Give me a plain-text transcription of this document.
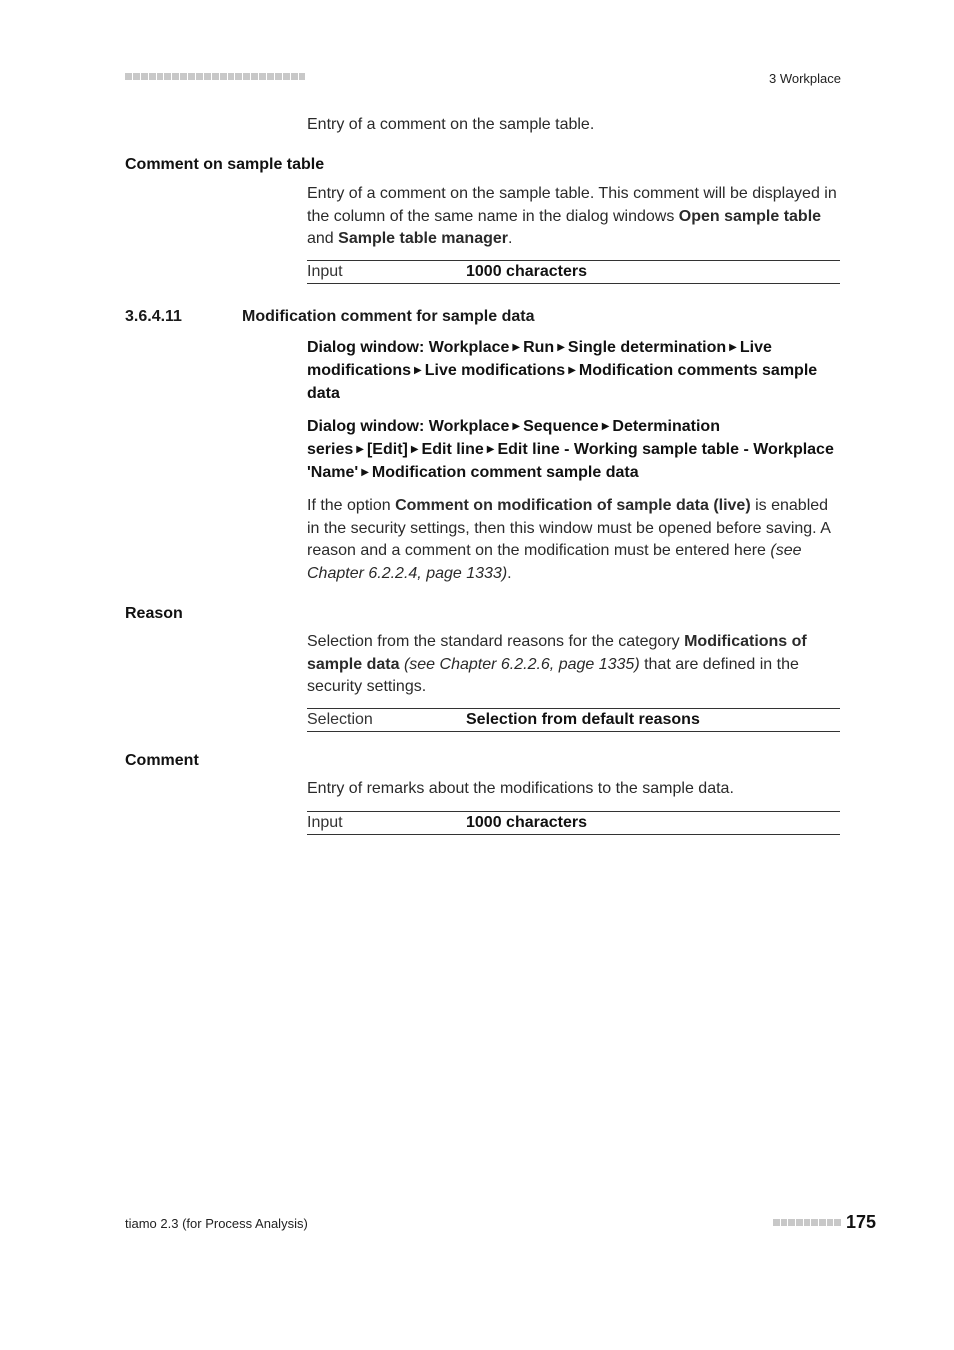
3 Workplace
Entry of a comment on the sample table.
Comment on sample table
Entry of a comment on the sample table. This comment will be displayed in the column of the same name in the dialog windows Open sample table and Sample table manager.
Input	1000 characters
3.6.4.11	Modification comment for sample data
Dialog window: Workplace ▶ Run ▶ Single determination ▶ Live modifications ▶ Live modifications ▶ Modification comments sample data
Dialog window: Workplace ▶ Sequence ▶ Determination series ▶ [Edit] ▶ Edit line ▶ Edit line - Working sample table - Workplace 'Name' ▶ Modification comment sample data
If the option Comment on modification of sample data (live) is enabled in the security settings, then this window must be opened before saving. A reason and a comment on the modification must be entered here (see Chapter 6.2.2.4, page 1333).
Reason
Selection from the standard reasons for the category Modifications of sample data (see Chapter 6.2.2.6, page 1335) that are defined in the security settings.
Selection	Selection from default reasons
Comment
Entry of remarks about the modifications to the sample data.
Input	1000 characters
tiamo 2.3 (for Process Analysis)	175
